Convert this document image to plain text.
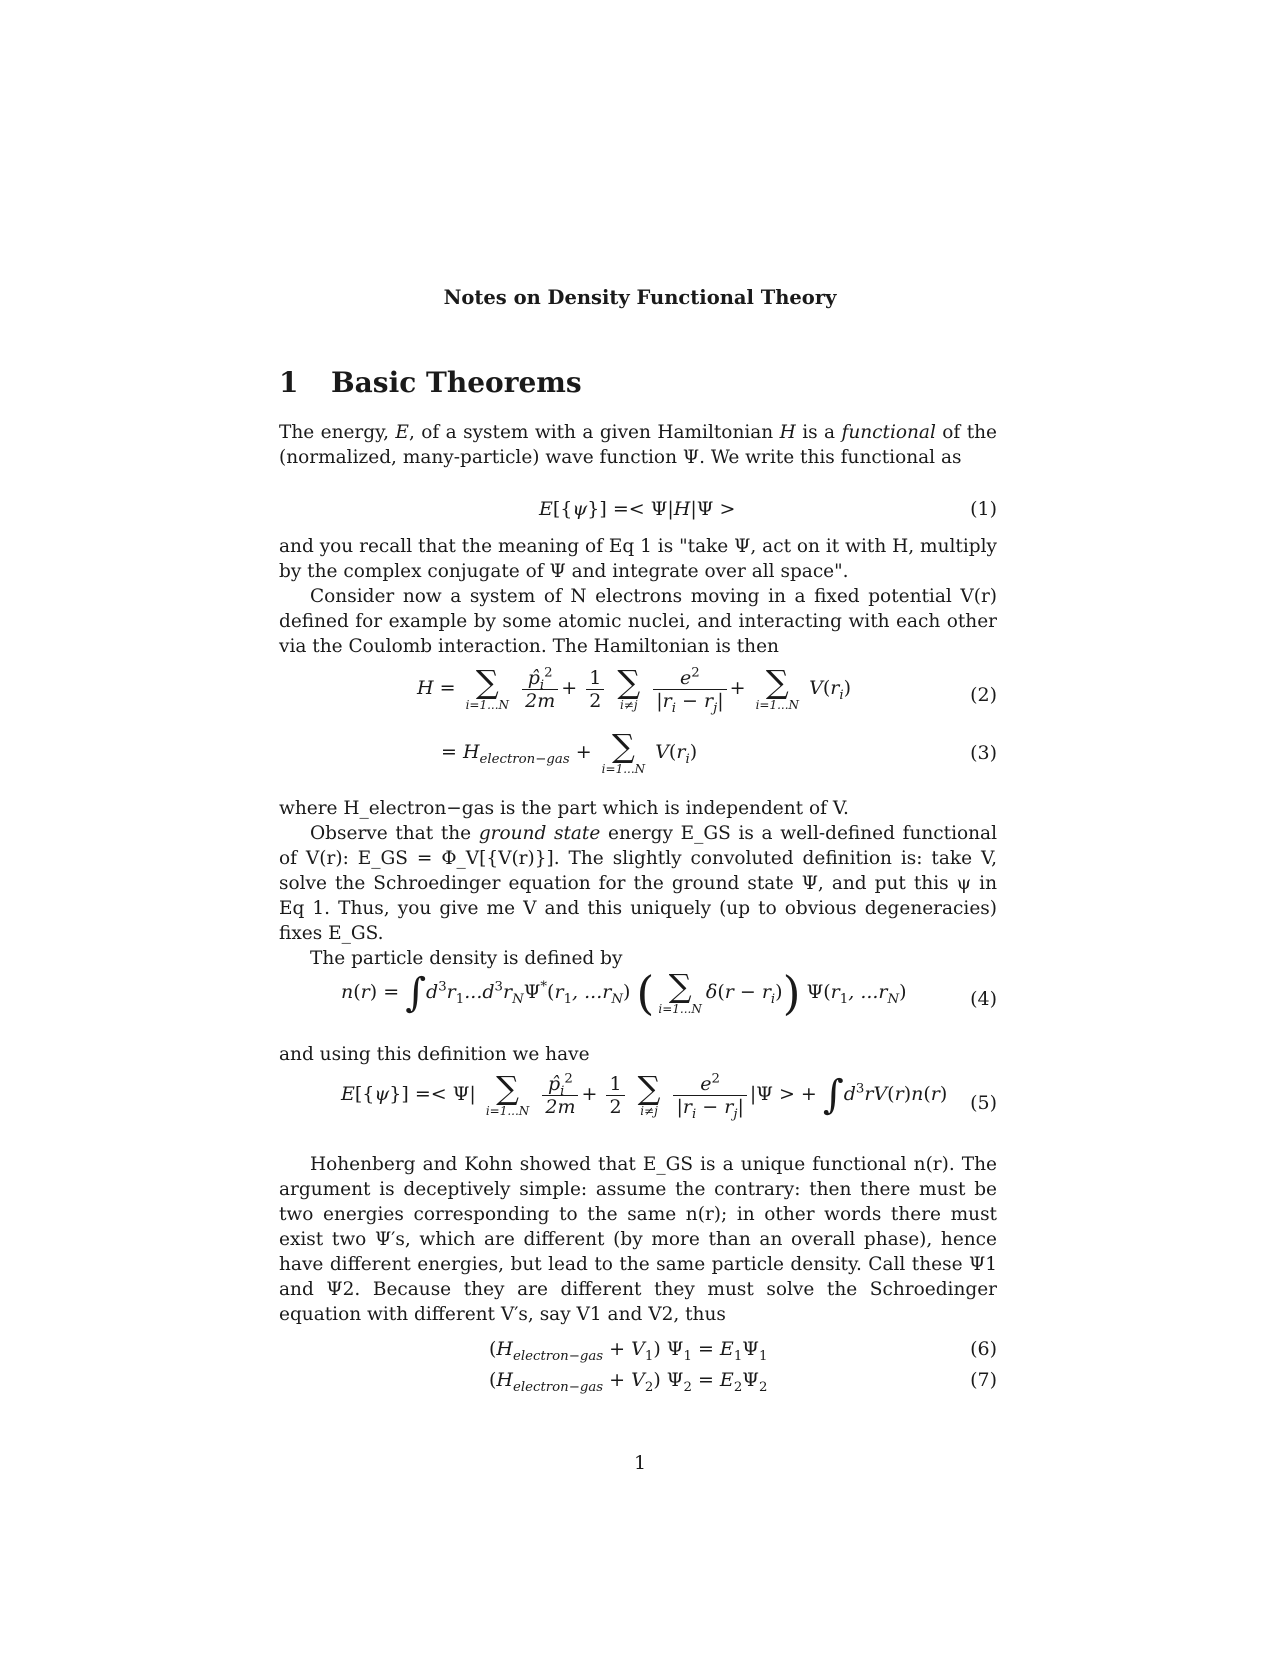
Notes on Density Functional Theory
1 Basic Theorems

The energy, E, of a system with a given Hamiltonian H is a functional of the (normalized, many-particle) wave function Ψ. We write this functional as

E[{ψ}] =< Ψ|H|Ψ >	(1)

and you recall that the meaning of Eq 1 is "take Ψ, act on it with H, multiply by the complex conjugate of Ψ and integrate over all space".

Consider now a system of N electrons moving in a fixed potential V(r) defined for example by some atomic nuclei, and interacting with each other via the Coulomb interaction. The Hamiltonian is then

H = ∑
i=1...N
$\frac{p̂_i^2}{2m} + \frac{1}{2}$
∑
i≠j
$\frac{e^2}{|r_i - r_j|}$ + ∑
i=1...N
$V(r_i)$	(2)
= $H_{electron-gas}$ + ∑
i=1...N
$V(r_i)$	(3)

where H_electron−gas is the part which is independent of V.

Observe that the ground state energy E_GS is a well-defined functional of V(r): E_GS = Φ_V[{V(r)}]. The slightly convoluted definition is: take V, solve the Schroedinger equation for the ground state Ψ, and put this ψ in Eq 1. Thus, you give me V and this uniquely (up to obvious degeneracies) fixes E_GS.

The particle density is defined by

$n(r) = \int d^3r_1...d^3r_N\Psi^*(r_1$, $...r_N$) ( ∑
i=1...N
$\delta(r - r_i)$) $\Psi(r_1$, $...r_N$)	(4)

and using this definition we have

E[{ψ}] =< Ψ| ∑
i=1...N
$\frac{p̂_i^2}{2m} + \frac{1}{2}$
∑
i≠j
$\frac{e^2}{|r_i - r_j|} |\Psi$ > + $\int d^3rV(r)n(r)$ (5)

Hohenberg and Kohn showed that E_GS is a unique functional n(r). The argument is deceptively simple: assume the contrary: then there must be two energies corresponding to the same n(r); in other words there must exist two Ψ′s, which are different (by more than an overall phase), hence have different energies, but lead to the same particle density. Call these Ψ1 and Ψ2. Because they are different they must solve the Schroedinger equation with different V′s, say V1 and V2, thus

$(H_{electron-gas} + V_1) \Psi_1 = E_1\Psi_1$	(6)
$(H_{electron-gas} + V_2) \Psi_2 = E_2\Psi_2$	(7)
1
